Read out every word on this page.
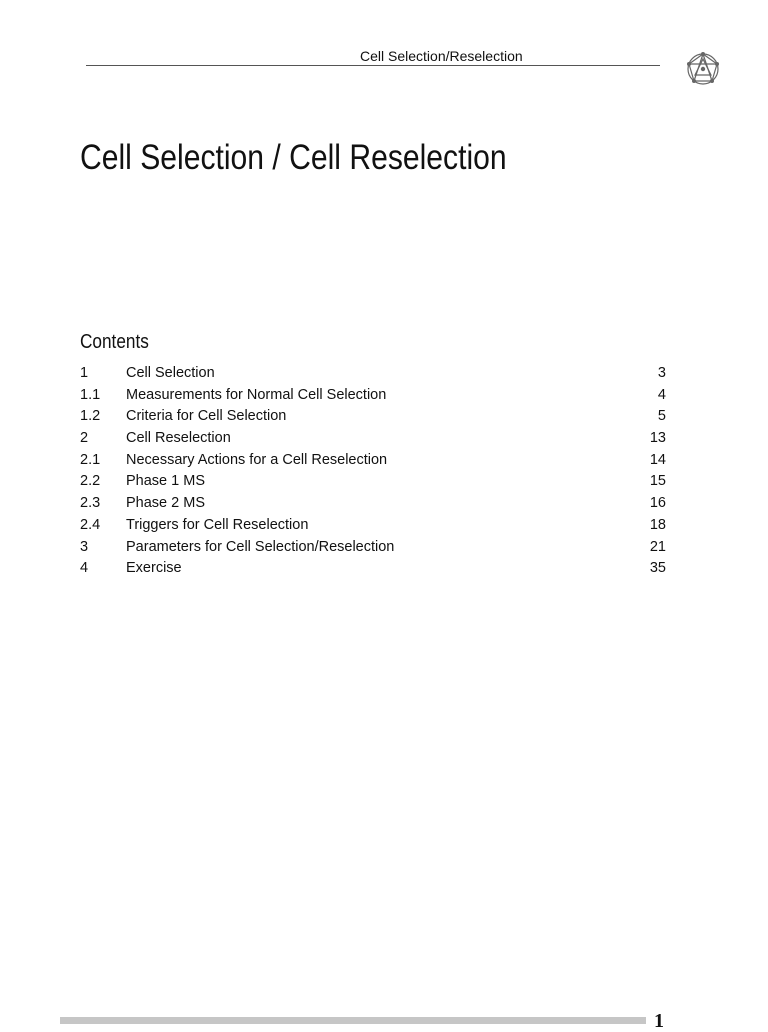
Cell Selection/Reselection
Cell Selection / Cell Reselection
Contents
1	Cell Selection	3
1.1 Measurements for Normal Cell Selection	4
1.2 Criteria for Cell Selection	5
2	Cell Reselection	13
2.1 Necessary Actions for a Cell Reselection	14
2.2 Phase 1 MS	15
2.3 Phase 2 MS	16
2.4 Triggers for Cell Reselection	18
3	Parameters for Cell Selection/Reselection	21
4	Exercise	35
1
